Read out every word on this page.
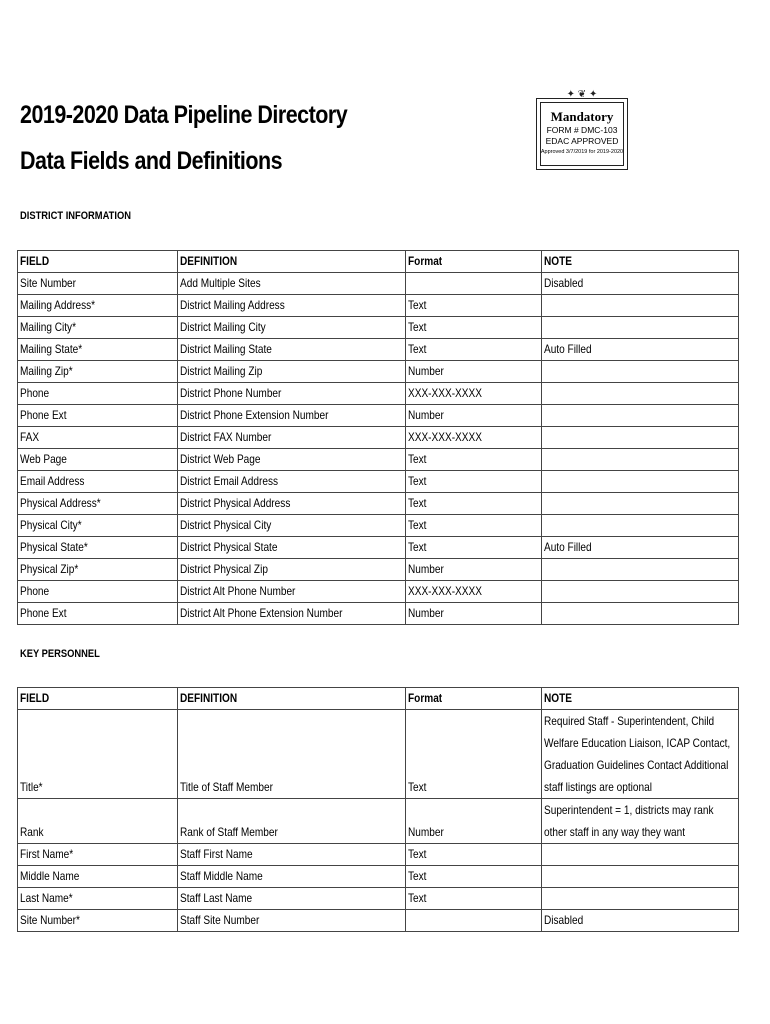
2019-2020 Data Pipeline Directory
Data Fields and Definitions
✦ ❦ ✦
Mandatory
FORM # DMC-103
EDAC APPROVED
Approved 3/7/2019 for 2019-2020
DISTRICT INFORMATION
FIELD	DEFINITION	Format	NOTE
Site Number	Add Multiple Sites		Disabled
Mailing Address*	District Mailing Address	Text	
Mailing City*	District Mailing City	Text	
Mailing State*	District Mailing State	Text	Auto Filled
Mailing Zip*	District Mailing Zip	Number	
Phone	District Phone Number	XXX-XXX-XXXX	
Phone Ext	District Phone Extension Number	Number	
FAX	District FAX Number	XXX-XXX-XXXX	
Web Page	District Web Page	Text	
Email Address	District Email Address	Text	
Physical Address*	District Physical Address	Text	
Physical City*	District Physical City	Text	
Physical State*	District Physical State	Text	Auto Filled
Physical Zip*	District Physical Zip	Number	
Phone	District Alt Phone Number	XXX-XXX-XXXX	
Phone Ext	District Alt Phone Extension Number	Number	
KEY PERSONNEL
FIELD	DEFINITION	Format	NOTE
Title*	Title of Staff Member	Text	Required Staff - Superintendent, Child Welfare Education Liaison, ICAP Contact, Graduation Guidelines Contact Additional staff listings are optional

Rank	Rank of Staff Member	Number	Superintendent = 1, districts may rank other staff in any way they want

First Name*	Staff First Name	Text	
Middle Name	Staff Middle Name	Text	
Last Name*	Staff Last Name	Text	
Site Number*	Staff Site Number		Disabled
